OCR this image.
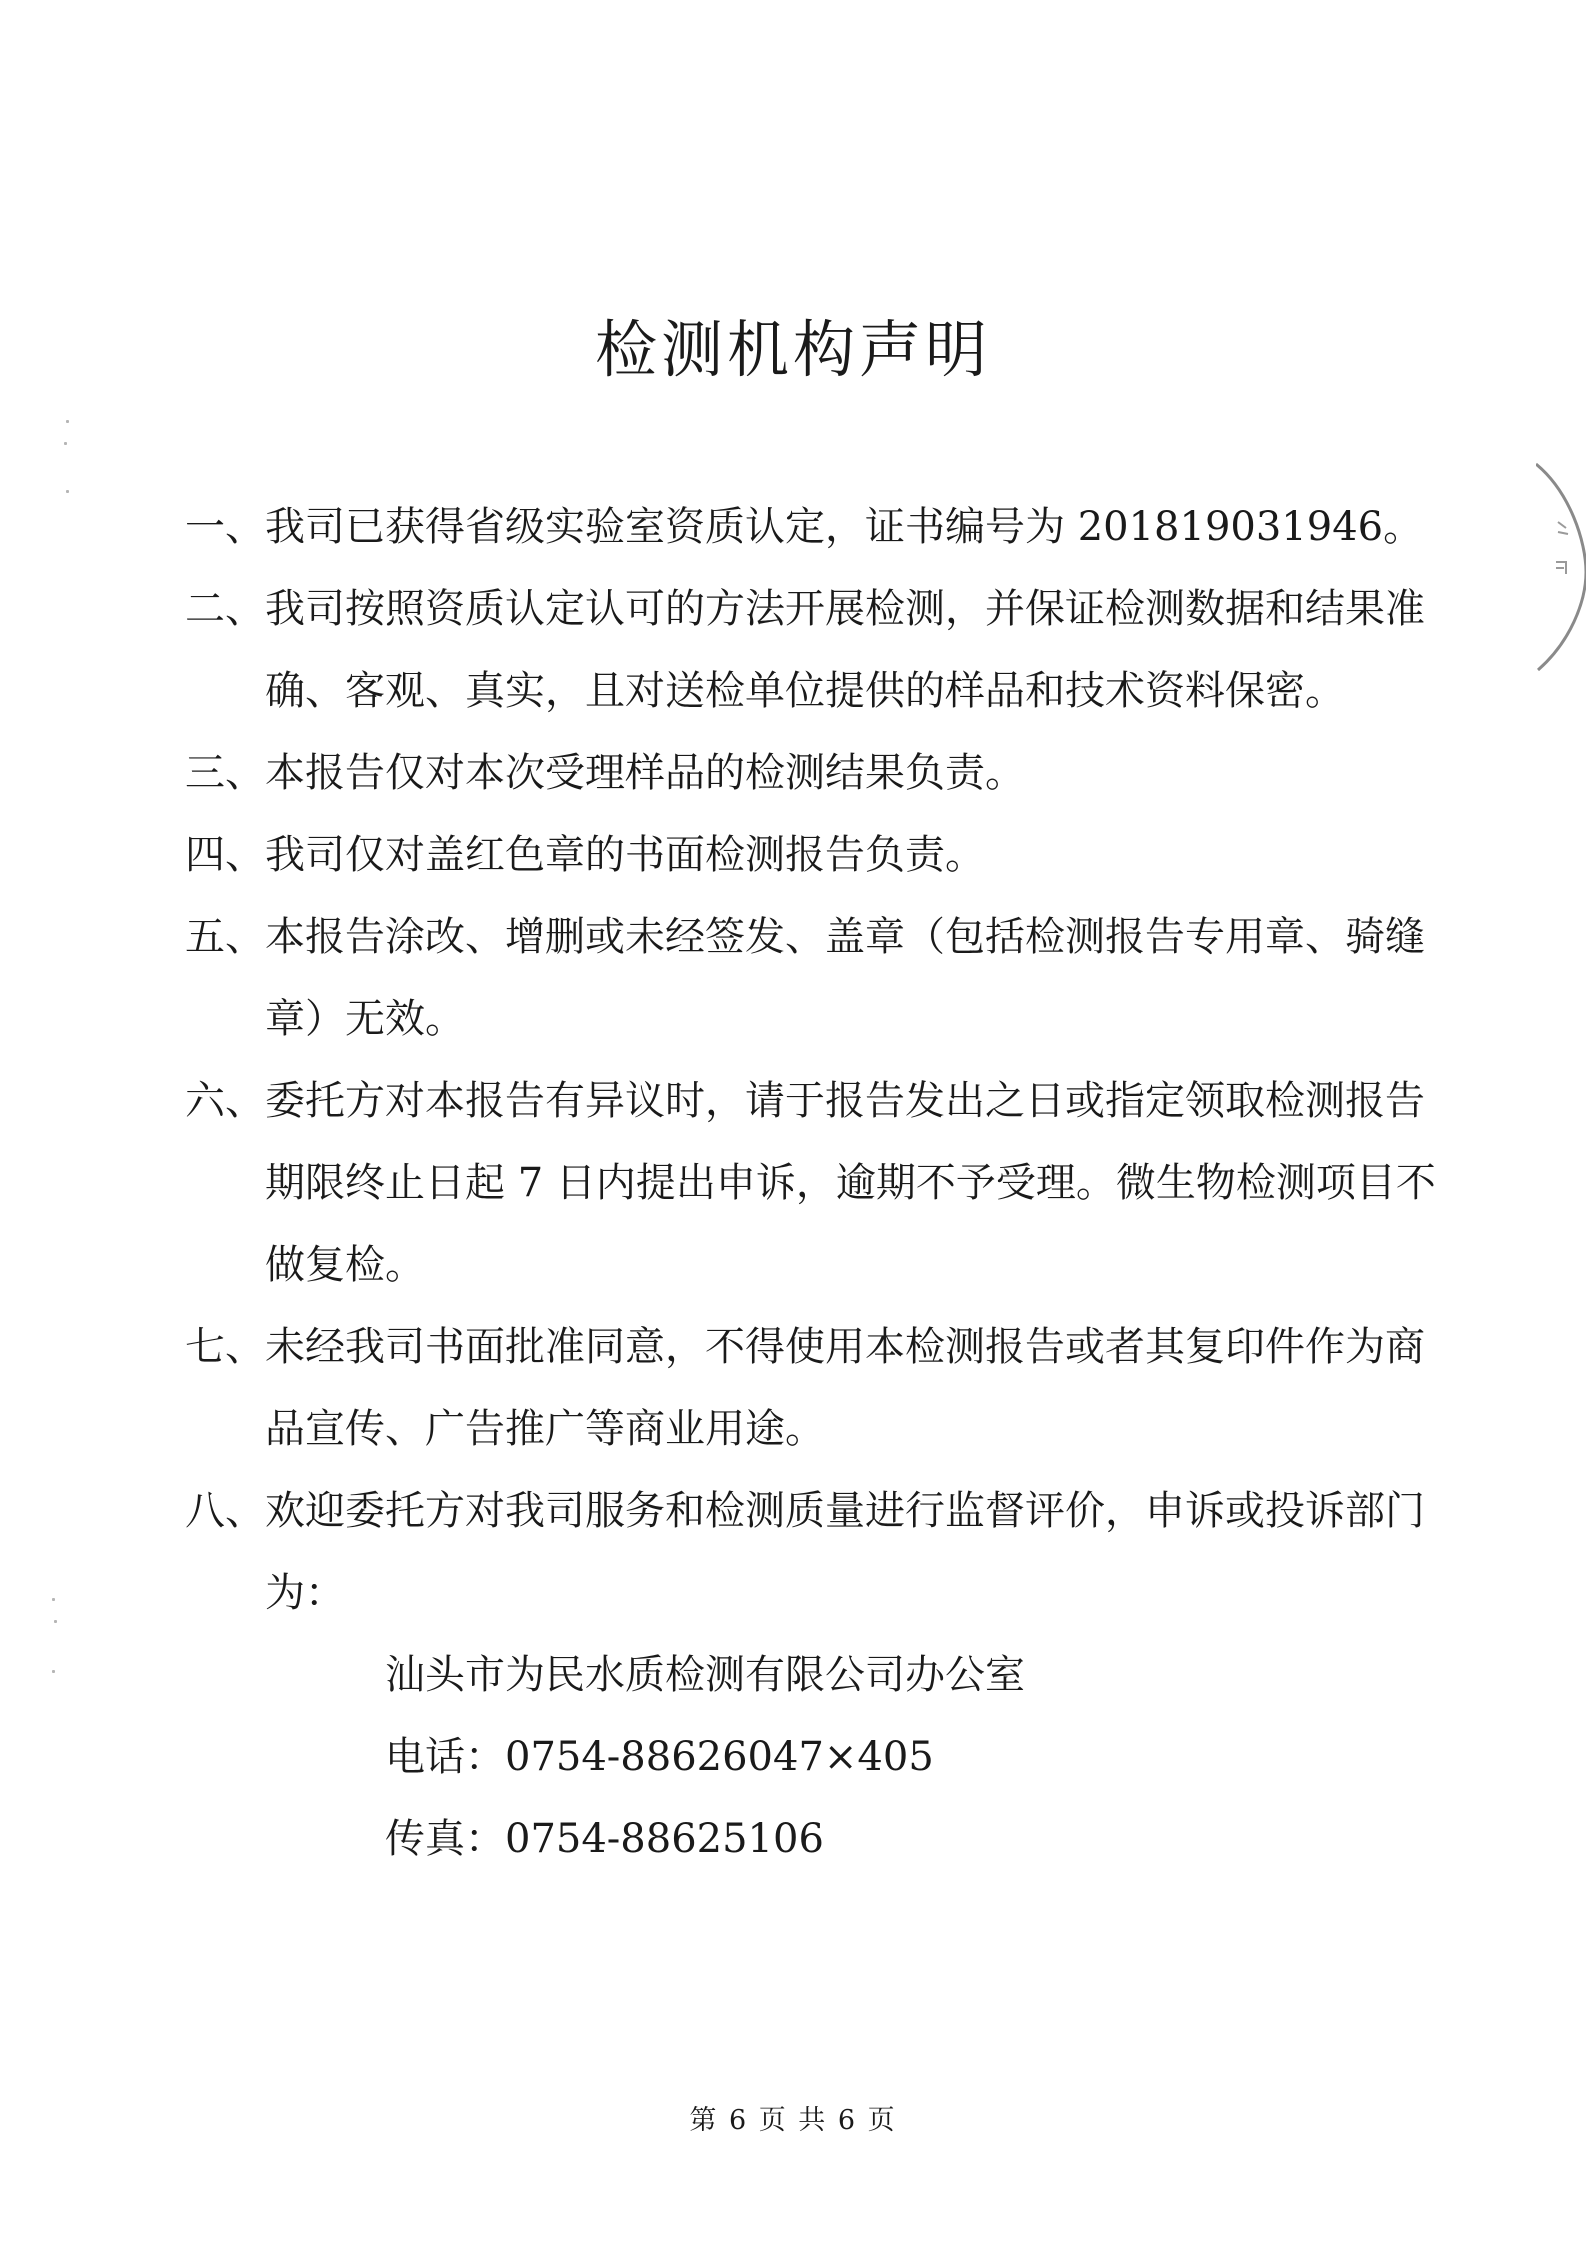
检测机构声明
一、 我司已获得省级实验室资质认定，证书编号为 201819031946。
二、 我司按照资质认定认可的方法开展检测，并保证检测数据和结果准
确、客观、真实，且对送检单位提供的样品和技术资料保密。
三、 本报告仅对本次受理样品的检测结果负责。
四、 我司仅对盖红色章的书面检测报告负责。
五、 本报告涂改、增删或未经签发、盖章（包括检测报告专用章、骑缝
章）无效。
六、 委托方对本报告有异议时，请于报告发出之日或指定领取检测报告
期限终止日起 7 日内提出申诉，逾期不予受理。微生物检测项目不
做复检。
七、 未经我司书面批准同意，不得使用本检测报告或者其复印件作为商
品宣传、广告推广等商业用途。
八、 欢迎委托方对我司服务和检测质量进行监督评价，申诉或投诉部门
为：
汕头市为民水质检测有限公司办公室
电话：0754-88626047×405
传真：0754-88625106
第 6 页 共 6 页
